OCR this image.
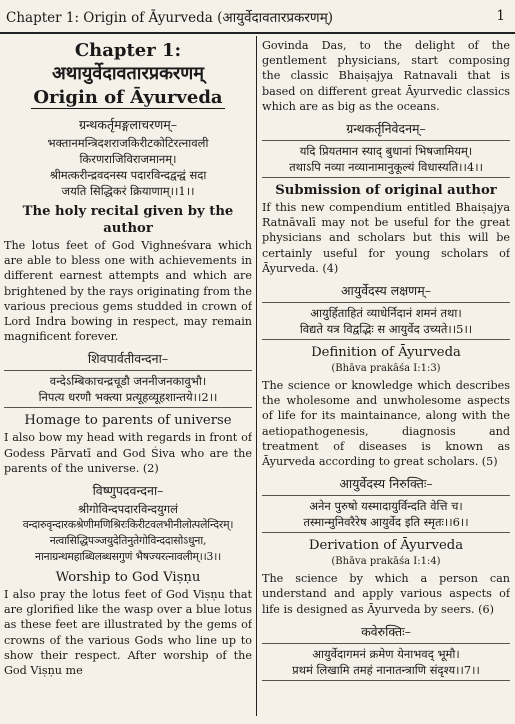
Chapter 1: Origin of Āyurveda (आयुर्वेदावतारप्रकरणम्)	1

Chapter 1:

अथायुर्वेदावतारप्रकरणम्

Origin of Āyurveda

ग्रन्थकर्तृमङ्गलाचरणम्–

भक्तानमन्त्रिदशराजकिरीटकोटिरत्नावली

किरणराजिविराजमानम्।

श्रीमत्करीन्द्रवदनस्य पदारविन्दद्वन्द्वं सदा

जयति सिद्धिकरं क्रियाणाम्।।1।।

The holy recital given by the author

The lotus feet of God Vighneśvara which are able to bless one with achievements in different earnest attempts and which are brightened by the rays originating from the various precious gems studded in crown of Lord Indra bowing in respect, may remain magnificent forever.

शिवपार्वतीवन्दना–

वन्देऽम्बिकाचन्द्रचूडौ जननीजनकावुभौ।

निपत्य धरणौ भक्त्या प्रत्यूहव्यूहशान्तये।।2।।

Homage to parents of universe

I also bow my head with regards in front of Godess Pārvatī and God Śiva who are the parents of the universe. (2)

विष्णुपदवन्दना–

श्रीगोविन्दपदारविन्दयुगलं

वन्दारुवृन्दारकश्रेणीमणिश्रिरःकिरीटवलभीनीलोत्पलेन्दिरम्।

नत्वासिद्धिपञ्जयुदेतिनुतेगोविन्ददासोऽधुना,

नानाग्रन्थमहाब्धिलब्धसगुणं भैषज्यरत्नावलीम्।।3।।

Worship to God Viṣṇu

I also pray the lotus feet of God Viṣṇu that are glorified like the wasp over a blue lotus as these feet are illustrated by the gems of crowns of the various Gods who line up to show their respect. After worship of the God Viṣṇu me

Govinda Das, to the delight of the gentlement physicians, start composing the classic Bhaiṣajya Ratnavali that is based on different great Āyurvedic classics which are as big as the oceans.

ग्रन्थकर्तृनिवेदनम्–

यदि प्रियतमान स्याद् बुधानां भिषजामियम्।

तथाऽपि नव्या नव्यानामानुकूल्यं विधास्यति।।4।।

Submission of original author

If this new compendium entitled Bhaiṣajya Ratnāvalī may not be useful for the great physicians and scholars but this will be certainly useful for young scholars of Āyurveda. (4)

आयुर्वेदस्य लक्षणम्–

आयुर्हिताहितं व्याधेर्निदानं शमनं तथा।

विद्यते यत्र विद्वद्भिः स आयुर्वेद उच्यते।।5।।

Definition of Āyurveda

(Bhāva prakāśa I:1:3)

The science or knowledge which describes the wholesome and unwholesome aspects of life for its maintainance, along with the aetiopathogenesis, diagnosis and treatment of diseases is known as Āyurveda according to great scholars. (5)

आयुर्वेदस्य निरुक्तिः–

अनेन पुरुषो यस्मादायुर्विन्दति वेत्ति च।

तस्मान्मुनिवरैरेष आयुर्वेद इति स्मृतः।।6।।

Derivation of Āyurveda

(Bhāva prakāśa I:1:4)

The science by which a person can understand and apply various aspects of life is designed as Āyurveda by seers. (6)

कवेरुक्तिः–

आयुर्वेदागमनं क्रमेण येनाभवद् भूमौ।

प्रथमं लिखामि तमहं नानातन्त्राणि संदृश्य।।7।।
